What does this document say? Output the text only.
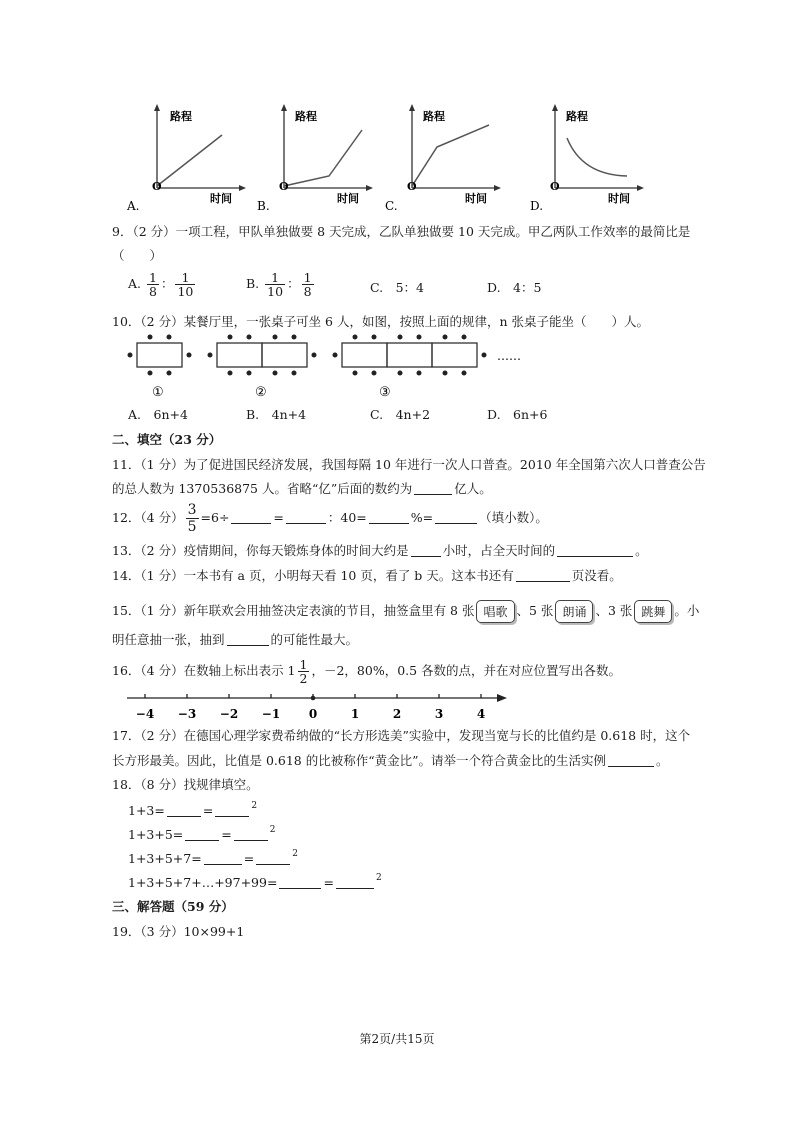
路程
时间
O
A.
路程
时间
O
B.
路程
时间
O
C.
路程
时间
O
D.
9．（2 分）一项工程，甲队单独做要 8 天完成，乙队单独做要 10 天完成。甲乙两队工作效率的最简比是
（　　）
A. $\frac{1}{8}$ ： $\frac{1}{10}$	B. $\frac{1}{10}$ ： $\frac{1}{8}$	C.　5：4	D.　4：5
10．（2 分）某餐厅里，一张桌子可坐 6 人，如图，按照上面的规律，n 张桌子能坐（　　）人。
①	②	③
……
A.　6n+4	B.　4n+4	C.　4n+2	D.　6n+6
二、填空（23 分）
11．（1 分）为了促进国民经济发展，我国每隔 10 年进行一次人口普查。2010 年全国第六次人口普查公告
的总人数为 1370536875 人。省略“亿”后面的数约为	亿人。
12．（4 分） $\frac{3}{5} =6\div$	=	：40=	%=	（填小数）。
13．（2 分）疫情期间，你每天锻炼身体的时间大约是	小时，占全天时间的	。
14．（1 分）一本书有 a 页，小明每天看 10 页，看了 b 天。这本书还有	页没看。
15．（1 分）新年联欢会用抽签决定表演的节目，抽签盒里有 8 张 唱歌 、5 张 朗诵 、3 张 跳舞 。小
明任意抽一张，抽到	的可能性最大。
16．（4 分）在数轴上标出表示 $1 \frac{1}{2}$ ，－2，80%，0.5 各数的点，并在对应位置写出各数。
−4 −3 −2 −1 0	1	2	3	4
17．（2 分）在德国心理学家费希纳做的“长方形选美”实验中，发现当宽与长的比值约是 0.618 时，这个
长方形最美。因此，比值是 0.618 的比被称作“黄金比”。请举一个符合黄金比的生活实例	。
18．（8 分）找规律填空。
1+3=	=	$^2$
1+3+5=	=	$^2$
1+3+5+7=	=	$^2$
1+3+5+7+…+97+99=	=	$^2$
三、解答题（59 分）
19．（3 分）10×99+1
第2页/共15页
